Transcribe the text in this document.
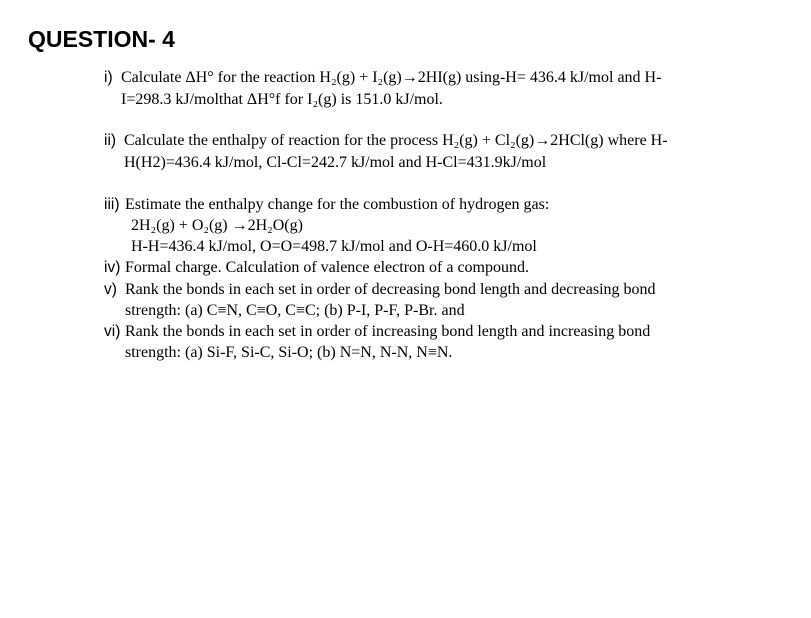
QUESTION- 4
i) Calculate ΔH° for the reaction H₂(g) + I₂(g)→2HI(g) using-H= 436.4 kJ/mol and H-
I=298.3 kJ/molthat ΔH°f for I₂(g) is 151.0 kJ/mol.
ii) Calculate the enthalpy of reaction for the process H₂(g) + Cl₂(g)→2HCl(g) where H-
H(H2)=436.4 kJ/mol, Cl-Cl=242.7 kJ/mol and H-Cl=431.9kJ/mol
iii) Estimate the enthalpy change for the combustion of hydrogen gas:
2H₂(g) + O₂(g) →2H₂O(g)
H-H=436.4 kJ/mol, O=O=498.7 kJ/mol and O-H=460.0 kJ/mol
iv) Formal charge. Calculation of valence electron of a compound.
v) Rank the bonds in each set in order of decreasing bond length and decreasing bond
strength: (a) C≡N, C≡O, C≡C; (b) P-I, P-F, P-Br. and
vi) Rank the bonds in each set in order of increasing bond length and increasing bond
strength: (a) Si-F, Si-C, Si-O; (b) N=N, N-N, N≡N.
